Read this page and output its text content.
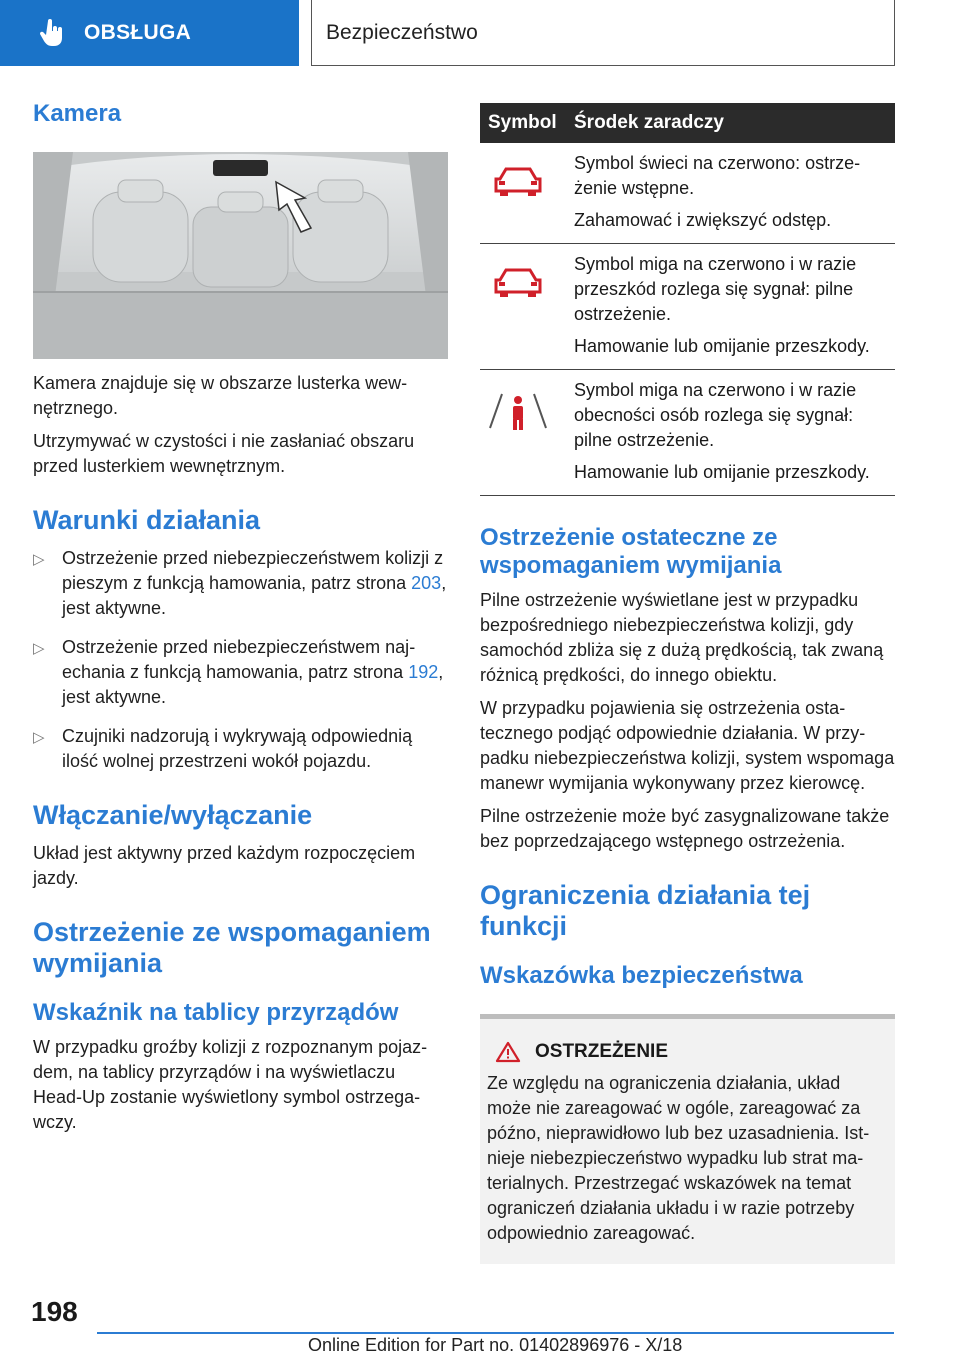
OBSŁUGA	Bezpieczeństwo
Kamera

Kamera znajduje się w obszarze lusterka wewnętrznego.

Utrzymywać w czystości i nie zasłaniać obszaru przed lusterkiem wewnętrznym.

Warunki działania
▷ Ostrzeżenie przed niebezpieczeństwem kolizji z pieszym z funkcją hamowania, patrz strona 203, jest aktywne.

▷ Ostrzeżenie przed niebezpieczeństwem najechania z funkcją hamowania, patrz strona 192, jest aktywne.

▷ Czujniki nadzorują i wykrywają odpowiednią ilość wolnej przestrzeni wokół pojazdu.

Włączanie/wyłączanie

Układ jest aktywny przed każdym rozpoczęciem jazdy.

Ostrzeżenie ze wspomaganiem wymijania
Wskaźnik na tablicy przyrządów

W przypadku groźby kolizji z rozpoznanym pojazdem, na tablicy przyrządów i na wyświetlaczu Head-Up zostanie wyświetlony symbol ostrzegawczy.

Symbol	Środek zaradczy

Symbol świeci na czerwono: ostrzeżenie wstępne.

Zahamować i zwiększyć odstęp.

Symbol miga na czerwono i w razie przeszkód rozlega się sygnał: pilne ostrzeżenie.

Hamowanie lub omijanie przeszkody.

Symbol miga na czerwono i w razie obecności osób rozlega się sygnał: pilne ostrzeżenie.

Hamowanie lub omijanie przeszkody.

Ostrzeżenie ostateczne ze wspomaganiem wymijania

Pilne ostrzeżenie wyświetlane jest w przypadku bezpośredniego niebezpieczeństwa kolizji, gdy samochód zbliża się z dużą prędkością, tak zwaną różnicą prędkości, do innego obiektu.

W przypadku pojawienia się ostrzeżenia ostatecznego podjąć odpowiednie działania. W przypadku niebezpieczeństwa kolizji, system wspomaga manewr wymijania wykonywany przez kierowcę.

Pilne ostrzeżenie może być zasygnalizowane także bez poprzedzającego wstępnego ostrzeżenia.

Ograniczenia działania tej funkcji
Wskazówka bezpieczeństwa
OSTRZEŻENIE

Ze względu na ograniczenia działania, układ może nie zareagować w ogóle, zareagować za późno, nieprawidłowo lub bez uzasadnienia. Istnieje niebezpieczeństwo wypadku lub strat materialnych. Przestrzegać wskazówek na temat ograniczeń działania układu i w razie potrzeby odpowiednio zareagować.

198
Online Edition for Part no. 01402896976 - X/18
